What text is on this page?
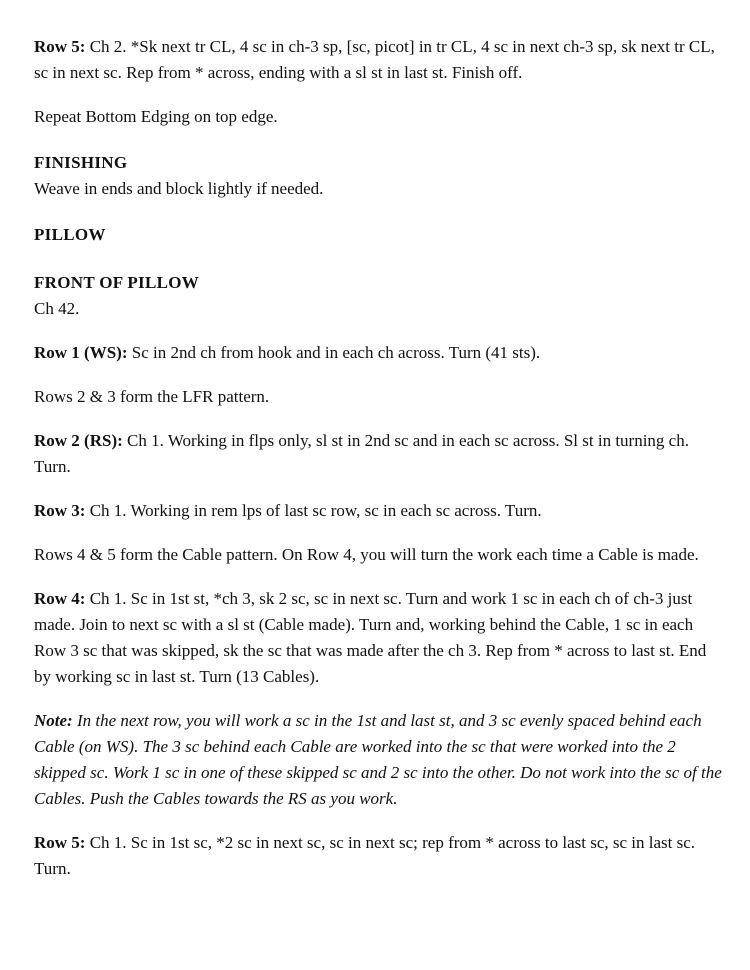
Row 5: Ch 2. *Sk next tr CL, 4 sc in ch-3 sp, [sc, picot] in tr CL, 4 sc in next ch-3 sp, sk next tr CL, sc in next sc. Rep from * across, ending with a sl st in last st. Finish off.

Repeat Bottom Edging on top edge.

FINISHING

Weave in ends and block lightly if needed.

PILLOW

FRONT OF PILLOW

Ch 42.

Row 1 (WS): Sc in 2nd ch from hook and in each ch across. Turn (41 sts).

Rows 2 & 3 form the LFR pattern.

Row 2 (RS): Ch 1. Working in flps only, sl st in 2nd sc and in each sc across. Sl st in turning ch. Turn.

Row 3: Ch 1. Working in rem lps of last sc row, sc in each sc across. Turn.

Rows 4 & 5 form the Cable pattern. On Row 4, you will turn the work each time a Cable is made.

Row 4: Ch 1. Sc in 1st st, *ch 3, sk 2 sc, sc in next sc. Turn and work 1 sc in each ch of ch-3 just made. Join to next sc with a sl st (Cable made). Turn and, working behind the Cable, 1 sc in each Row 3 sc that was skipped, sk the sc that was made after the ch 3. Rep from * across to last st. End by working sc in last st. Turn (13 Cables).

Note: In the next row, you will work a sc in the 1st and last st, and 3 sc evenly spaced behind each Cable (on WS). The 3 sc behind each Cable are worked into the sc that were worked into the 2 skipped sc. Work 1 sc in one of these skipped sc and 2 sc into the other. Do not work into the sc of the Cables. Push the Cables towards the RS as you work.

Row 5: Ch 1. Sc in 1st sc, *2 sc in next sc, sc in next sc; rep from * across to last sc, sc in last sc. Turn.
